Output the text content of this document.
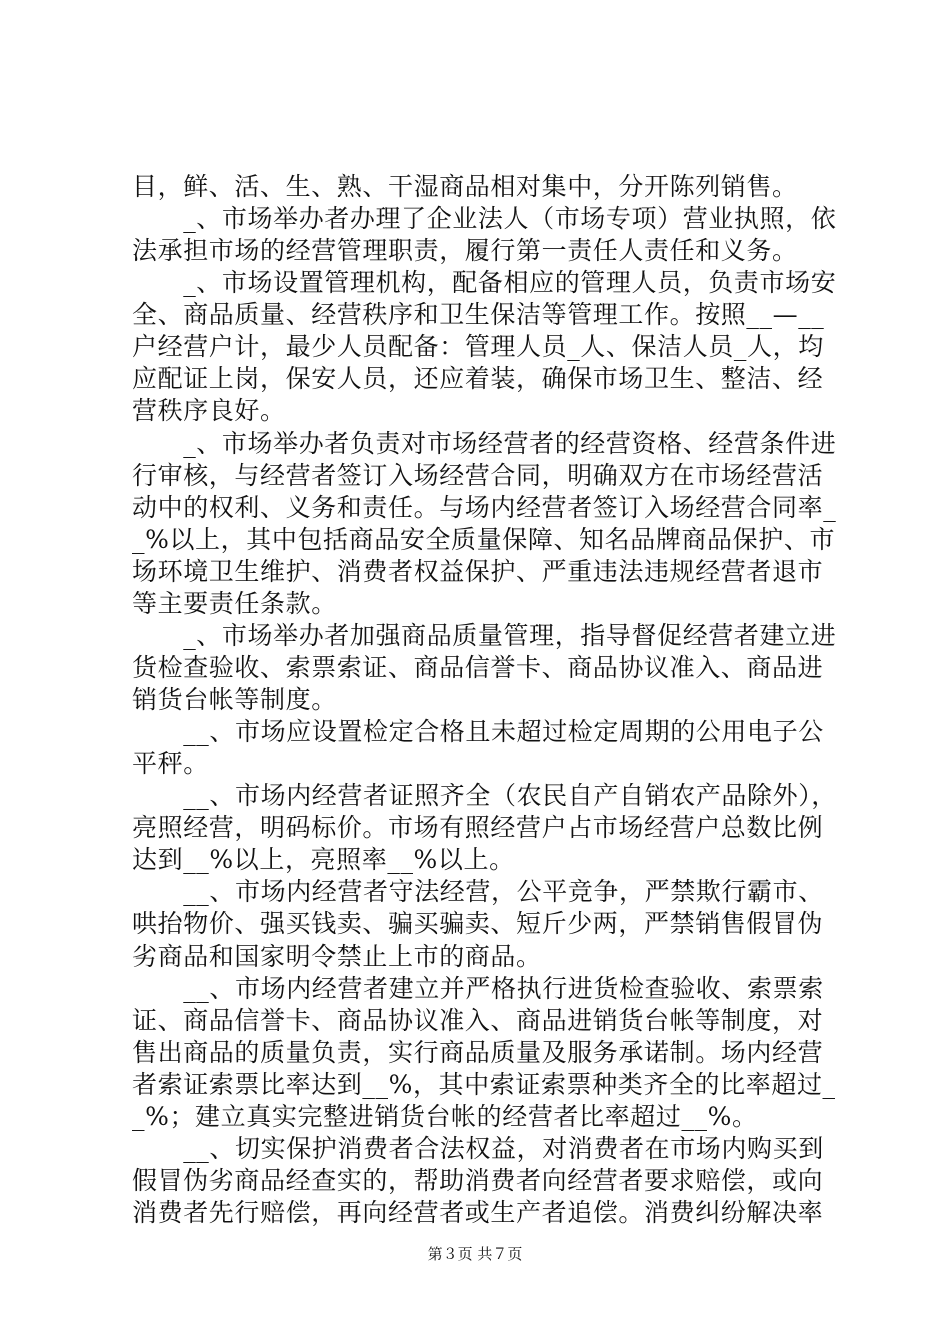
目，鲜、活、生、熟、干湿商品相对集中，分开陈列销售。
　　_、市场举办者办理了企业法人（市场专项）营业执照，依
法承担市场的经营管理职责，履行第一责任人责任和义务。
　　_、市场设置管理机构，配备相应的管理人员，负责市场安
全、商品质量、经营秩序和卫生保洁等管理工作。按照__—__
户经营户计，最少人员配备：管理人员_人、保洁人员_人，均
应配证上岗，保安人员，还应着装，确保市场卫生、整洁、经
营秩序良好。
　　_、市场举办者负责对市场经营者的经营资格、经营条件进
行审核，与经营者签订入场经营合同，明确双方在市场经营活
动中的权利、义务和责任。与场内经营者签订入场经营合同率_
_%以上，其中包括商品安全质量保障、知名品牌商品保护、市
场环境卫生维护、消费者权益保护、严重违法违规经营者退市
等主要责任条款。
　　_、市场举办者加强商品质量管理，指导督促经营者建立进
货检查验收、索票索证、商品信誉卡、商品协议准入、商品进
销货台帐等制度。
　　__、市场应设置检定合格且未超过检定周期的公用电子公
平秤。
　　__、市场内经营者证照齐全（农民自产自销农产品除外），
亮照经营，明码标价。市场有照经营户占市场经营户总数比例
达到__%以上，亮照率__%以上。
　　__、市场内经营者守法经营，公平竞争，严禁欺行霸市、
哄抬物价、强买钱卖、骗买骗卖、短斤少两，严禁销售假冒伪
劣商品和国家明令禁止上市的商品。
　　__、市场内经营者建立并严格执行进货检查验收、索票索
证、商品信誉卡、商品协议准入、商品进销货台帐等制度，对
售出商品的质量负责，实行商品质量及服务承诺制。场内经营
者索证索票比率达到__%，其中索证索票种类齐全的比率超过_
_%；建立真实完整进销货台帐的经营者比率超过__%。
　　__、切实保护消费者合法权益，对消费者在市场内购买到
第３页 共７页
假冒伪劣商品经查实的，帮助消费者向经营者要求赔偿，或向
消费者先行赔偿，再向经营者或生产者追偿。消费纠纷解决率
